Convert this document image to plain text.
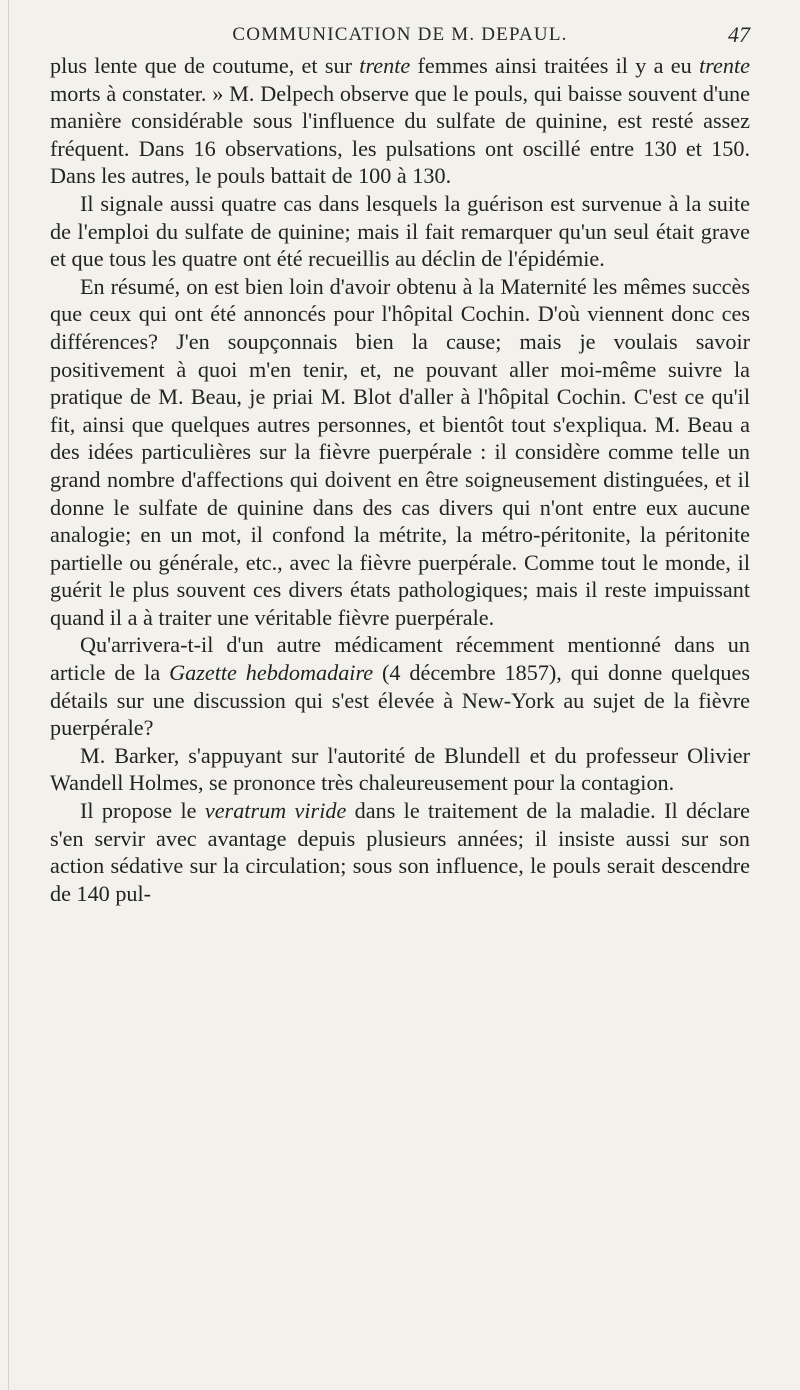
COMMUNICATION DE M. DEPAUL.	47

plus lente que de coutume, et sur trente femmes ainsi traitées il y a eu trente morts à constater. » M. Delpech observe que le pouls, qui baisse souvent d'une manière considérable sous l'influence du sulfate de quinine, est resté assez fréquent. Dans 16 observations, les pulsations ont oscillé entre 130 et 150. Dans les autres, le pouls battait de 100 à 130.

Il signale aussi quatre cas dans lesquels la guérison est survenue à la suite de l'emploi du sulfate de quinine; mais il fait remarquer qu'un seul était grave et que tous les quatre ont été recueillis au déclin de l'épidémie.

En résumé, on est bien loin d'avoir obtenu à la Maternité les mêmes succès que ceux qui ont été annoncés pour l'hôpital Cochin. D'où viennent donc ces différences? J'en soupçonnais bien la cause; mais je voulais savoir positivement à quoi m'en tenir, et, ne pouvant aller moi-même suivre la pratique de M. Beau, je priai M. Blot d'aller à l'hôpital Cochin. C'est ce qu'il fit, ainsi que quelques autres personnes, et bientôt tout s'expliqua. M. Beau a des idées particulières sur la fièvre puerpérale : il considère comme telle un grand nombre d'affections qui doivent en être soigneusement distinguées, et il donne le sulfate de quinine dans des cas divers qui n'ont entre eux aucune analogie; en un mot, il confond la métrite, la métro-péritonite, la péritonite partielle ou générale, etc., avec la fièvre puerpérale. Comme tout le monde, il guérit le plus souvent ces divers états pathologiques; mais il reste impuissant quand il a à traiter une véritable fièvre puerpérale.

Qu'arrivera-t-il d'un autre médicament récemment mentionné dans un article de la Gazette hebdomadaire (4 décembre 1857), qui donne quelques détails sur une discussion qui s'est élevée à New-York au sujet de la fièvre puerpérale?

M. Barker, s'appuyant sur l'autorité de Blundell et du professeur Olivier Wandell Holmes, se prononce très chaleureusement pour la contagion.

Il propose le veratrum viride dans le traitement de la maladie. Il déclare s'en servir avec avantage depuis plusieurs années; il insiste aussi sur son action sédative sur la circulation; sous son influence, le pouls serait descendre de 140 pul-
